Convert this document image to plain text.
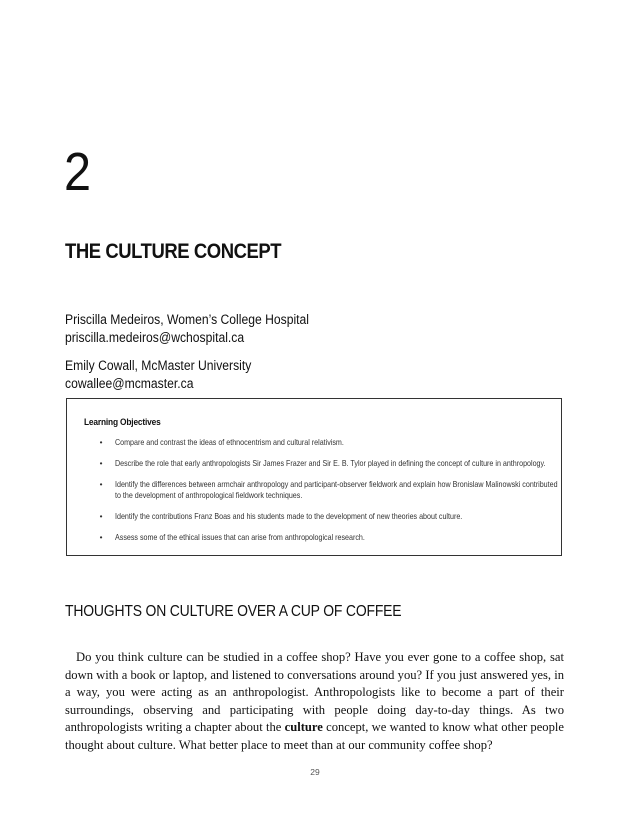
2
THE CULTURE CONCEPT
Priscilla Medeiros, Women’s College Hospital
priscilla.medeiros@wchospital.ca
Emily Cowall, McMaster University
cowallee@mcmaster.ca
Learning Objectives
•	Compare and contrast the ideas of ethnocentrism and cultural relativism.
•	Describe the role that early anthropologists Sir James Frazer and Sir E. B. Tylor played in defining the concept of culture in anthropology.
•	Identify the differences between armchair anthropology and participant-observer fieldwork and explain how Bronislaw Malinowski contributed to the development of anthropological fieldwork techniques.
•	Identify the contributions Franz Boas and his students made to the development of new theories about culture.
•	Assess some of the ethical issues that can arise from anthropological research.
THOUGHTS ON CULTURE OVER A CUP OF COFFEE

Do you think culture can be studied in a coffee shop? Have you ever gone to a coffee shop, sat down with a book or laptop, and listened to conversations around you? If you just answered yes, in a way, you were acting as an anthropologist. Anthropologists like to become a part of their surroundings, observing and participating with people doing day-to-day things. As two anthropologists writing a chapter about the culture concept, we wanted to know what other people thought about culture. What better place to meet than at our community coffee shop?

29
